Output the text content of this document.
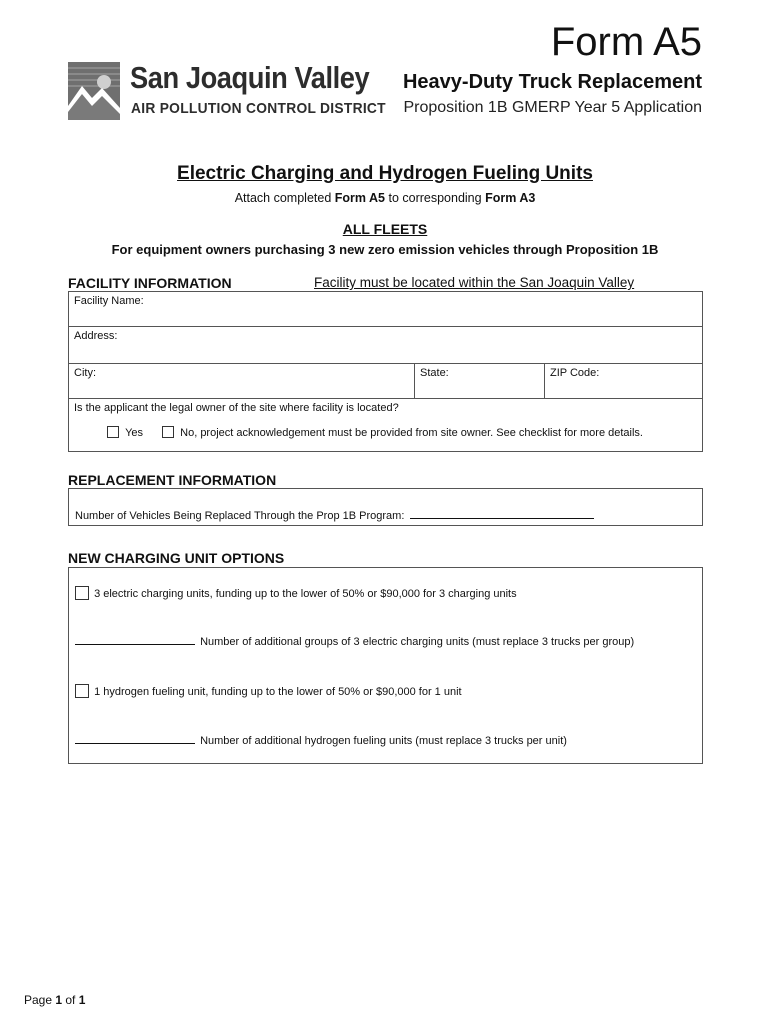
San Joaquin Valley
AIR POLLUTION CONTROL DISTRICT
Form A5
Heavy-Duty Truck Replacement
Proposition 1B GMERP Year 5 Application
Electric Charging and Hydrogen Fueling Units
Attach completed Form A5 to corresponding Form A3
ALL FLEETS
For equipment owners purchasing 3 new zero emission vehicles through Proposition 1B
FACILITY INFORMATION	Facility must be located within the San Joaquin Valley
Facility Name:
Address:
City:	State:	ZIP Code:
Is the applicant the legal owner of the site where facility is located?
Yes	No, project acknowledgement must be provided from site owner. See checklist for more details.
REPLACEMENT INFORMATION
Number of Vehicles Being Replaced Through the Prop 1B Program:
NEW CHARGING UNIT OPTIONS
3 electric charging units, funding up to the lower of 50% or $90,000 for 3 charging units
Number of additional groups of 3 electric charging units (must replace 3 trucks per group)
1 hydrogen fueling unit, funding up to the lower of 50% or $90,000 for 1 unit
Number of additional hydrogen fueling units (must replace 3 trucks per unit)
Page 1 of 1
